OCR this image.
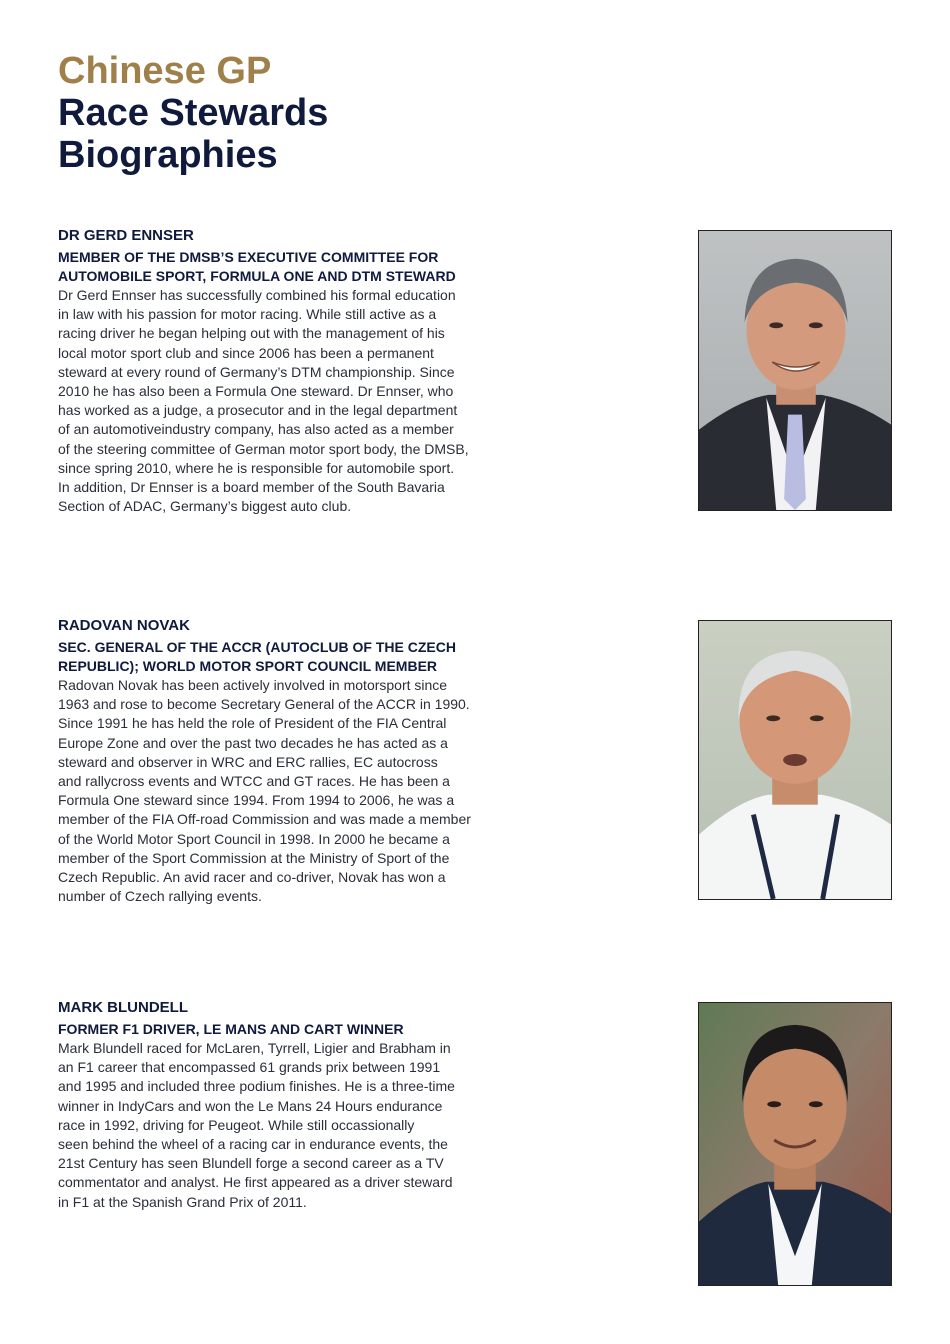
Chinese GP
Race Stewards
Biographies

DR GERD ENNSER

MEMBER OF THE DMSB’S EXECUTIVE COMMITTEE FOR
AUTOMOBILE SPORT, FORMULA ONE AND DTM STEWARD

Dr Gerd Ennser has successfully combined his formal education
in law with his passion for motor racing. While still active as a
racing driver he began helping out with the management of his
local motor sport club and since 2006 has been a permanent
steward at every round of Germany’s DTM championship. Since
2010 he has also been a Formula One steward. Dr Ennser, who
has worked as a judge, a prosecutor and in the legal department
of an automotiveindustry company, has also acted as a member
of the steering committee of German motor sport body, the DMSB,
since spring 2010, where he is responsible for automobile sport.
In addition, Dr Ennser is a board member of the South Bavaria
Section of ADAC, Germany’s biggest auto club.

RADOVAN NOVAK

SEC. GENERAL OF THE ACCR (AUTOCLUB OF THE CZECH
REPUBLIC); WORLD MOTOR SPORT COUNCIL MEMBER

Radovan Novak has been actively involved in motorsport since
1963 and rose to become Secretary General of the ACCR in 1990.
Since 1991 he has held the role of President of the FIA Central
Europe Zone and over the past two decades he has acted as a
steward and observer in WRC and ERC rallies, EC autocross
and rallycross events and WTCC and GT races. He has been a
Formula One steward since 1994. From 1994 to 2006, he was a
member of the FIA Off-road Commission and was made a member
of the World Motor Sport Council in 1998. In 2000 he became a
member of the Sport Commission at the Ministry of Sport of the
Czech Republic. An avid racer and co-driver, Novak has won a
number of Czech rallying events.

MARK BLUNDELL

FORMER F1 DRIVER, LE MANS AND CART WINNER

Mark Blundell raced for McLaren, Tyrrell, Ligier and Brabham in
an F1 career that encompassed 61 grands prix between 1991
and 1995 and included three podium finishes. He is a three-time
winner in IndyCars and won the Le Mans 24 Hours endurance
race in 1992, driving for Peugeot. While still occassionally
seen behind the wheel of a racing car in endurance events, the
21st Century has seen Blundell forge a second career as a TV
commentator and analyst. He first appeared as a driver steward
in F1 at the Spanish Grand Prix of 2011.
